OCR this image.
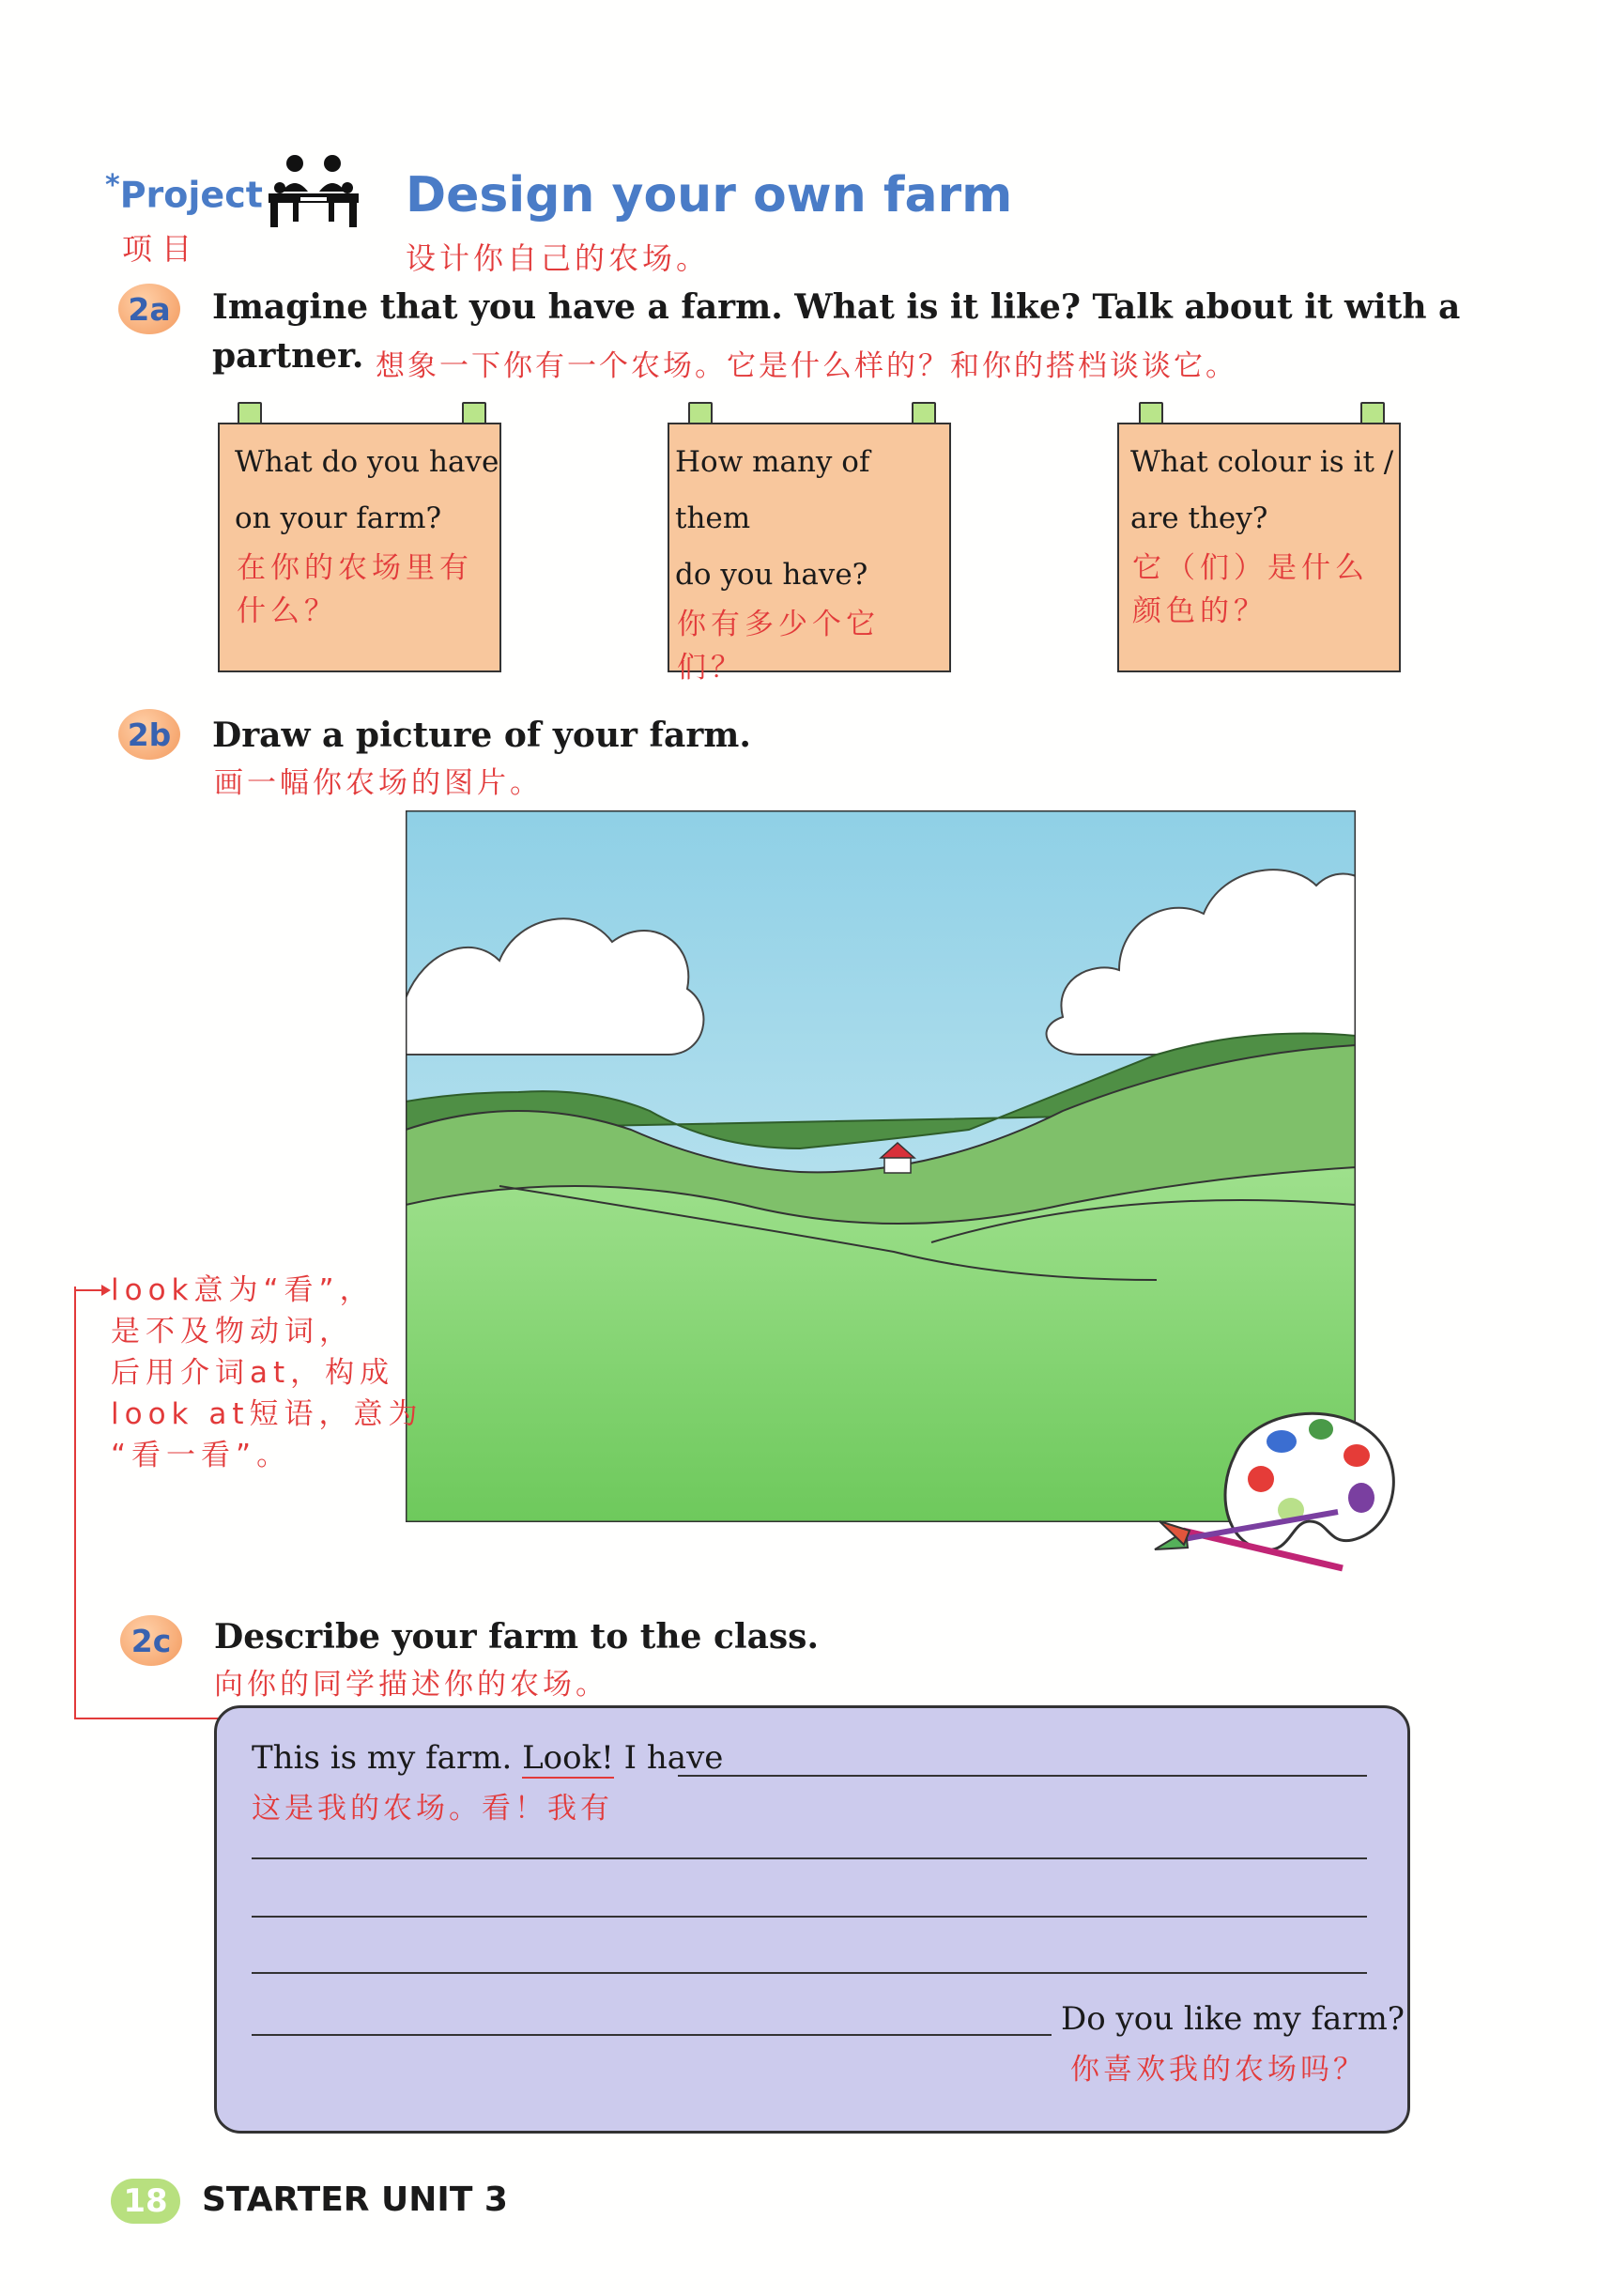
*Project
项目
Design your own farm
设计你自己的农场。
2a Imagine that you have a farm. What is it like? Talk about it with a
partner. 想象一下你有一个农场。它是什么样的？和你的搭档谈谈它。
What do you have
on your farm?
在你的农场里有
什么？
How many of them
do you have?
你有多少个它们？
What colour is it /
are they?
它（们）是什么
颜色的？
2b Draw a picture of your farm.
画一幅你农场的图片。
look意为“看”，
是不及物动词，
后用介词at，构成
look at短语，意为
“看一看”。
2c	Describe your farm to the class.
向你的同学描述你的农场。
This is my farm. Look! I have
这是我的农场。看！我有
Do you like my farm?
你喜欢我的农场吗？
18	STARTER UNIT 3
